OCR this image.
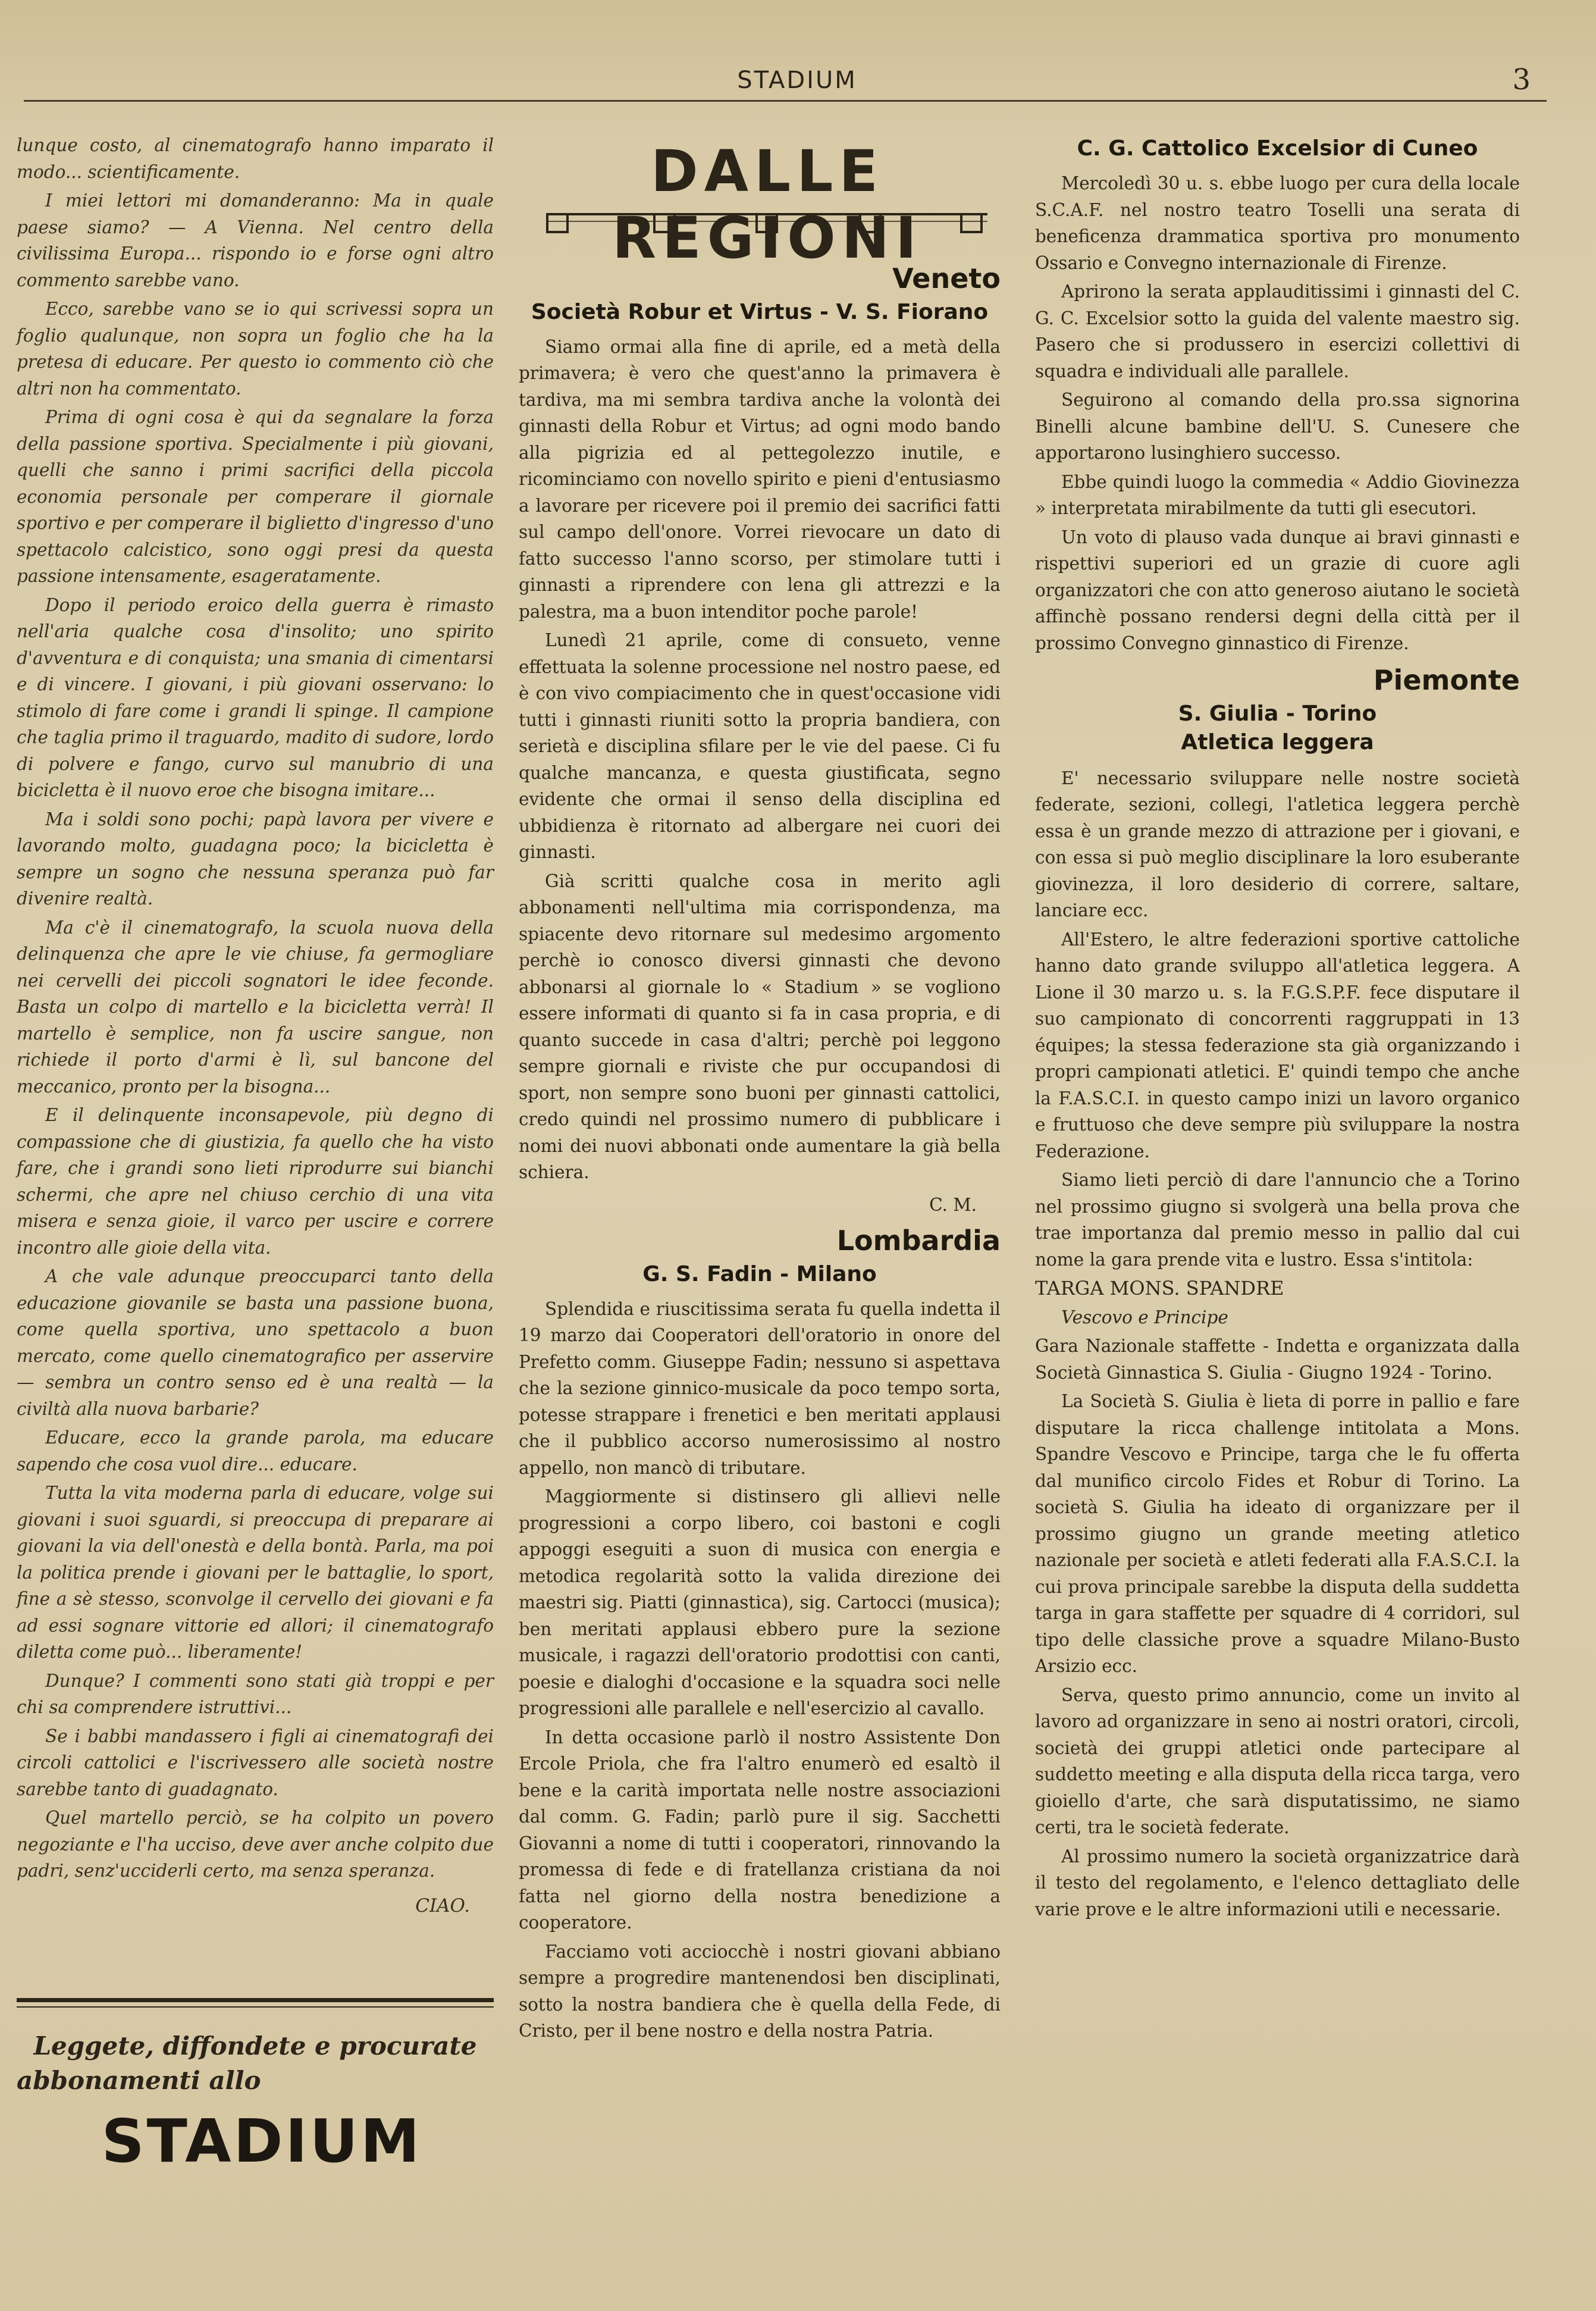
STADIUM	3

lunque costo, al cinematografo hanno imparato il modo... scientificamente.

I miei lettori mi domanderanno: Ma in quale paese siamo? — A Vienna. Nel centro della civilissima Europa... rispondo io e forse ogni altro commento sarebbe vano.

Ecco, sarebbe vano se io qui scrivessi sopra un foglio qualunque, non sopra un foglio che ha la pretesa di educare. Per questo io commento ciò che altri non ha commentato.

Prima di ogni cosa è qui da segnalare la forza della passione sportiva. Specialmente i più giovani, quelli che sanno i primi sacrifici della piccola economia personale per comperare il giornale sportivo e per comperare il biglietto d'ingresso d'uno spettacolo calcistico, sono oggi presi da questa passione intensamente, esageratamente.

Dopo il periodo eroico della guerra è rimasto nell'aria qualche cosa d'insolito; uno spirito d'avventura e di conquista; una smania di cimentarsi e di vincere. I giovani, i più giovani osservano: lo stimolo di fare come i grandi li spinge. Il campione che taglia primo il traguardo, madito di sudore, lordo di polvere e fango, curvo sul manubrio di una bicicletta è il nuovo eroe che bisogna imitare...

Ma i soldi sono pochi; papà lavora per vivere e lavorando molto, guadagna poco; la bicicletta è sempre un sogno che nessuna speranza può far divenire realtà.

Ma c'è il cinematografo, la scuola nuova della delinquenza che apre le vie chiuse, fa germogliare nei cervelli dei piccoli sognatori le idee feconde. Basta un colpo di martello e la bicicletta verrà! Il martello è semplice, non fa uscire sangue, non richiede il porto d'armi è lì, sul bancone del meccanico, pronto per la bisogna...

E il delinquente inconsapevole, più degno di compassione che di giustizia, fa quello che ha visto fare, che i grandi sono lieti riprodurre sui bianchi schermi, che apre nel chiuso cerchio di una vita misera e senza gioie, il varco per uscire e correre incontro alle gioie della vita.

A che vale adunque preoccuparci tanto della educazione giovanile se basta una passione buona, come quella sportiva, uno spettacolo a buon mercato, come quello cinematografico per asservire — sembra un contro senso ed è una realtà — la civiltà alla nuova barbarie?

Educare, ecco la grande parola, ma educare sapendo che cosa vuol dire... educare.

Tutta la vita moderna parla di educare, volge sui giovani i suoi sguardi, si preoccupa di preparare ai giovani la via dell'onestà e della bontà. Parla, ma poi la politica prende i giovani per le battaglie, lo sport, fine a sè stesso, sconvolge il cervello dei giovani e fa ad essi sognare vittorie ed allori; il cinematografo diletta come può... liberamente!

Dunque? I commenti sono stati già troppi e per chi sa comprendere istruttivi...

Se i babbi mandassero i figli ai cinematografi dei circoli cattolici e l'iscrivessero alle società nostre sarebbe tanto di guadagnato.

Quel martello perciò, se ha colpito un povero negoziante e l'ha ucciso, deve aver anche colpito due padri, senz'ucciderli certo, ma senza speranza.

CIAO.
Leggete, diffondete e procurate
abbonamenti allo
STADIUM
DALLE REGIONI
Veneto
Società Robur et Virtus - V. S. Fiorano

Siamo ormai alla fine di aprile, ed a metà della primavera; è vero che quest'anno la primavera è tardiva, ma mi sembra tardiva anche la volontà dei ginnasti della Robur et Virtus; ad ogni modo bando alla pigrizia ed al pettegolezzo inutile, e ricominciamo con novello spirito e pieni d'entusiasmo a lavorare per ricevere poi il premio dei sacrifici fatti sul campo dell'onore. Vorrei rievocare un dato di fatto successo l'anno scorso, per stimolare tutti i ginnasti a riprendere con lena gli attrezzi e la palestra, ma a buon intenditor poche parole!

Lunedì 21 aprile, come di consueto, venne effettuata la solenne processione nel nostro paese, ed è con vivo compiacimento che in quest'occasione vidi tutti i ginnasti riuniti sotto la propria bandiera, con serietà e disciplina sfilare per le vie del paese. Ci fu qualche mancanza, e questa giustificata, segno evidente che ormai il senso della disciplina ed ubbidienza è ritornato ad albergare nei cuori dei ginnasti.

Già scritti qualche cosa in merito agli abbonamenti nell'ultima mia corrispondenza, ma spiacente devo ritornare sul medesimo argomento perchè io conosco diversi ginnasti che devono abbonarsi al giornale lo « Stadium » se vogliono essere informati di quanto si fa in casa propria, e di quanto succede in casa d'altri; perchè poi leggono sempre giornali e riviste che pur occupandosi di sport, non sempre sono buoni per ginnasti cattolici, credo quindi nel prossimo numero di pubblicare i nomi dei nuovi abbonati onde aumentare la già bella schiera.

C. M.
Lombardia
G. S. Fadin - Milano

Splendida e riuscitissima serata fu quella indetta il 19 marzo dai Cooperatori dell'oratorio in onore del Prefetto comm. Giuseppe Fadin; nessuno si aspettava che la sezione ginnico-musicale da poco tempo sorta, potesse strappare i frenetici e ben meritati applausi che il pubblico accorso numerosissimo al nostro appello, non mancò di tributare.

Maggiormente si distinsero gli allievi nelle progressioni a corpo libero, coi bastoni e cogli appoggi eseguiti a suon di musica con energia e metodica regolarità sotto la valida direzione dei maestri sig. Piatti (ginnastica), sig. Cartocci (musica); ben meritati applausi ebbero pure la sezione musicale, i ragazzi dell'oratorio prodottisi con canti, poesie e dialoghi d'occasione e la squadra soci nelle progressioni alle parallele e nell'esercizio al cavallo.

In detta occasione parlò il nostro Assistente Don Ercole Priola, che fra l'altro enumerò ed esaltò il bene e la carità importata nelle nostre associazioni dal comm. G. Fadin; parlò pure il sig. Sacchetti Giovanni a nome di tutti i cooperatori, rinnovando la promessa di fede e di fratellanza cristiana da noi fatta nel giorno della nostra benedizione a cooperatore.

Facciamo voti acciocchè i nostri giovani abbiano sempre a progredire mantenendosi ben disciplinati, sotto la nostra bandiera che è quella della Fede, di Cristo, per il bene nostro e della nostra Patria.

C. G. Cattolico Excelsior di Cuneo

Mercoledì 30 u. s. ebbe luogo per cura della locale S.C.A.F. nel nostro teatro Toselli una serata di beneficenza drammatica sportiva pro monumento Ossario e Convegno internazionale di Firenze.

Aprirono la serata applauditissimi i ginnasti del C. G. C. Excelsior sotto la guida del valente maestro sig. Pasero che si produssero in esercizi collettivi di squadra e individuali alle parallele.

Seguirono al comando della pro.ssa signorina Binelli alcune bambine dell'U. S. Cunesere che apportarono lusinghiero successo.

Ebbe quindi luogo la commedia « Addio Giovinezza » interpretata mirabilmente da tutti gli esecutori.

Un voto di plauso vada dunque ai bravi ginnasti e rispettivi superiori ed un grazie di cuore agli organizzatori che con atto generoso aiutano le società affinchè possano rendersi degni della città per il prossimo Convegno ginnastico di Firenze.

Piemonte
S. Giulia - Torino
Atletica leggera

E' necessario sviluppare nelle nostre società federate, sezioni, collegi, l'atletica leggera perchè essa è un grande mezzo di attrazione per i giovani, e con essa si può meglio disciplinare la loro esuberante giovinezza, il loro desiderio di correre, saltare, lanciare ecc.

All'Estero, le altre federazioni sportive cattoliche hanno dato grande sviluppo all'atletica leggera. A Lione il 30 marzo u. s. la F.G.S.P.F. fece disputare il suo campionato di concorrenti raggruppati in 13 équipes; la stessa federazione sta già organizzando i propri campionati atletici. E' quindi tempo che anche la F.A.S.C.I. in questo campo inizi un lavoro organico e fruttuoso che deve sempre più sviluppare la nostra Federazione.

Siamo lieti perciò di dare l'annuncio che a Torino nel prossimo giugno si svolgerà una bella prova che trae importanza dal premio messo in pallio dal cui nome la gara prende vita e lustro. Essa s'intitola:

TARGA MONS. SPANDRE

Vescovo e Principe

Gara Nazionale staffette - Indetta e organizzata dalla Società Ginnastica S. Giulia - Giugno 1924 - Torino.

La Società S. Giulia è lieta di porre in pallio e fare disputare la ricca challenge intitolata a Mons. Spandre Vescovo e Principe, targa che le fu offerta dal munifico circolo Fides et Robur di Torino. La società S. Giulia ha ideato di organizzare per il prossimo giugno un grande meeting atletico nazionale per società e atleti federati alla F.A.S.C.I. la cui prova principale sarebbe la disputa della suddetta targa in gara staffette per squadre di 4 corridori, sul tipo delle classiche prove a squadre Milano-Busto Arsizio ecc.

Serva, questo primo annuncio, come un invito al lavoro ad organizzare in seno ai nostri oratori, circoli, società dei gruppi atletici onde partecipare al suddetto meeting e alla disputa della ricca targa, vero gioiello d'arte, che sarà disputatissimo, ne siamo certi, tra le società federate.

Al prossimo numero la società organizzatrice darà il testo del regolamento, e l'elenco dettagliato delle varie prove e le altre informazioni utili e necessarie.
